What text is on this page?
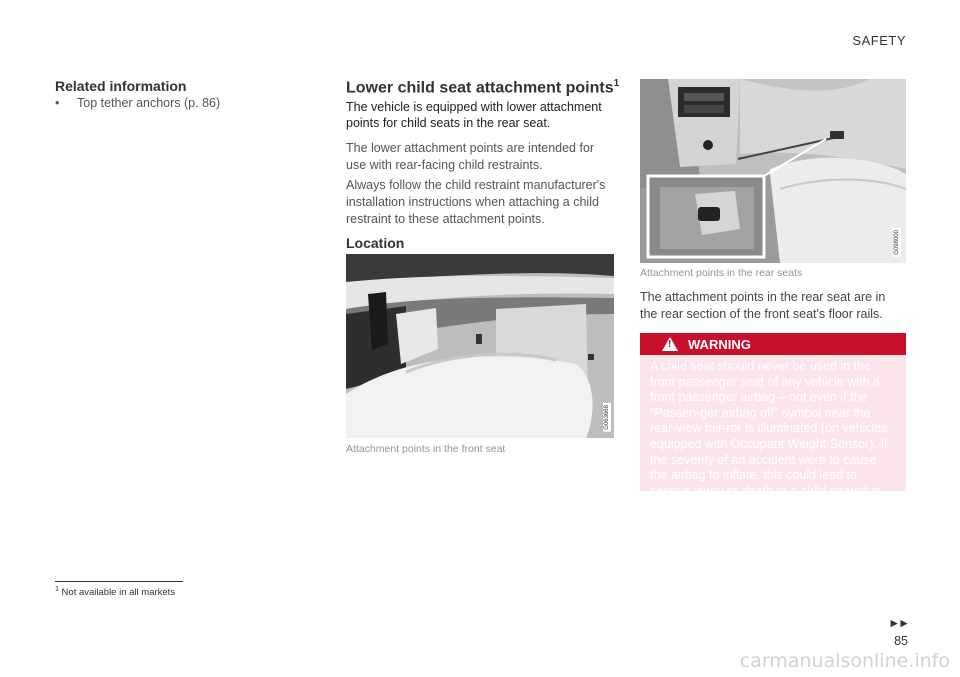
SAFETY
Related information
• Top tether anchors (p. 86)
Lower child seat attachment points$^1$
The vehicle is equipped with lower attachment points for child seats in the rear seat.
The lower attachment points are intended for use with rear-facing child restraints.
Always follow the child restraint manufacturer's installation instructions when attaching a child restraint to these attachment points.
Location
G063668
Attachment points in the front seat
G098000
Attachment points in the rear seats
The attachment points in the rear seat are in the rear section of the front seat's floor rails.
!
WARNING
A child seat should never be used in the front passenger seat of any vehicle with a front passenger airbag – not even if the "Passen-ger airbag off" symbol near the rear-view mir-ror is illuminated (on vehicles equipped with Occupant Weight Sensor). If the severity of an accident were to cause the airbag to inflate, this could lead to serious injury or death to a child seated in this position.
$^1$ Not available in all markets
►►
85
carmanualsonline.info
